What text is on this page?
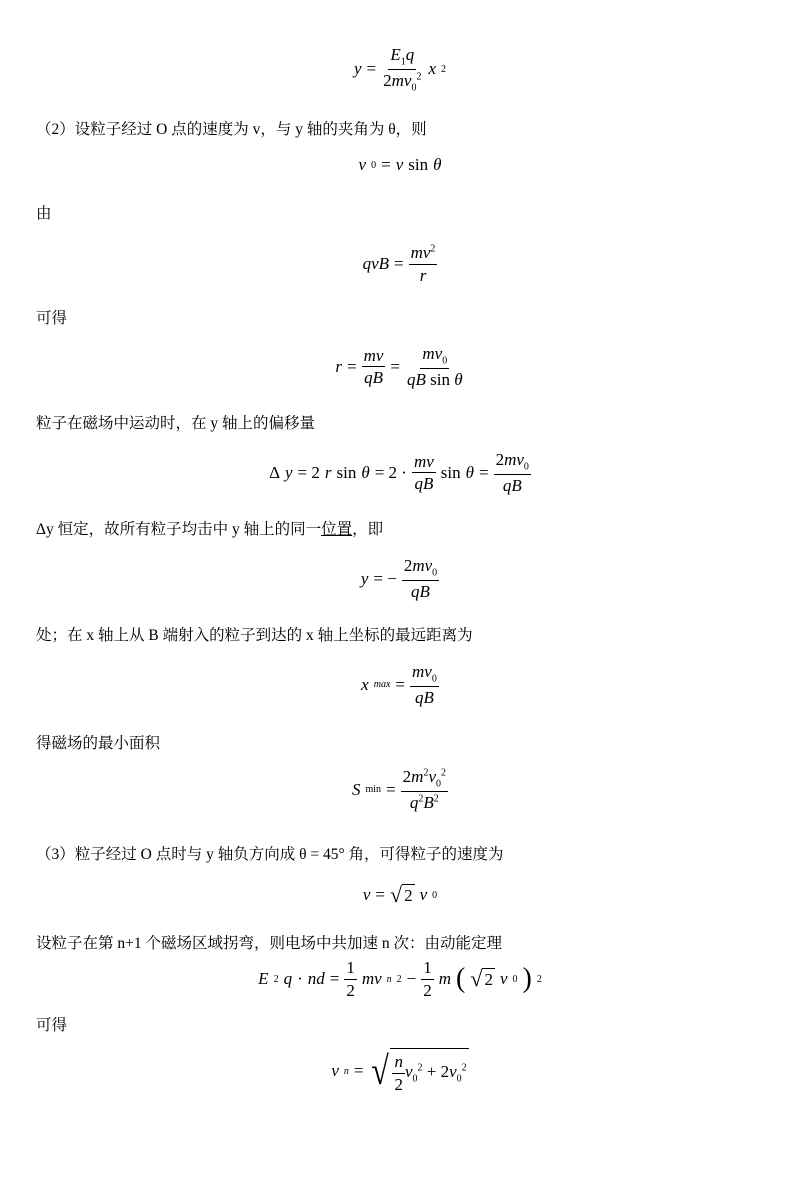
$y = \frac{E_1q}{2mv_0^2}$ x 2
（2）设粒子经过 O 点的速度为 v，与 y 轴的夹角为 θ，则
v 0 = v sin θ
由
qvB = $\frac{mv^2}{r}$
可得
$r = \frac{mv}{qB} = \frac{mv_0}{\text{qB sin θ}}$
粒子在磁场中运动时，在 y 轴上的偏移量
Δ y = 2 r $\sin \theta = 2 \cdot \frac{mv}{qB}$ $\sin \theta = \frac{2mv_0}{qB}$
Δy 恒定，故所有粒子均击中 y 轴上的同一位置，即
y = − $\frac{2mv_0}{qB}$
处；在 x 轴上从 B 端射入的粒子到达的 x 轴上坐标的最远距离为
x $\max = \frac{mv_0}{qB}$
得磁场的最小面积
S $\min = \frac{2m^2v_0^2}{q^2B^2}$
（3）粒子经过 O 点时与 y 轴负方向成 θ = 45° 角，可得粒子的速度为
v = √ 2 v 0
设粒子在第 n+1 个磁场区域拐弯，则电场中共加速 n 次：由动能定理
E 2 q · nd = $\frac{1}{2}$ mv n $2 - \frac{1}{2}$ m ( √ 2 v 0 ) 2
可得
v n = √ $\frac{n}{2} v_0^2 + 2v_0^2$
